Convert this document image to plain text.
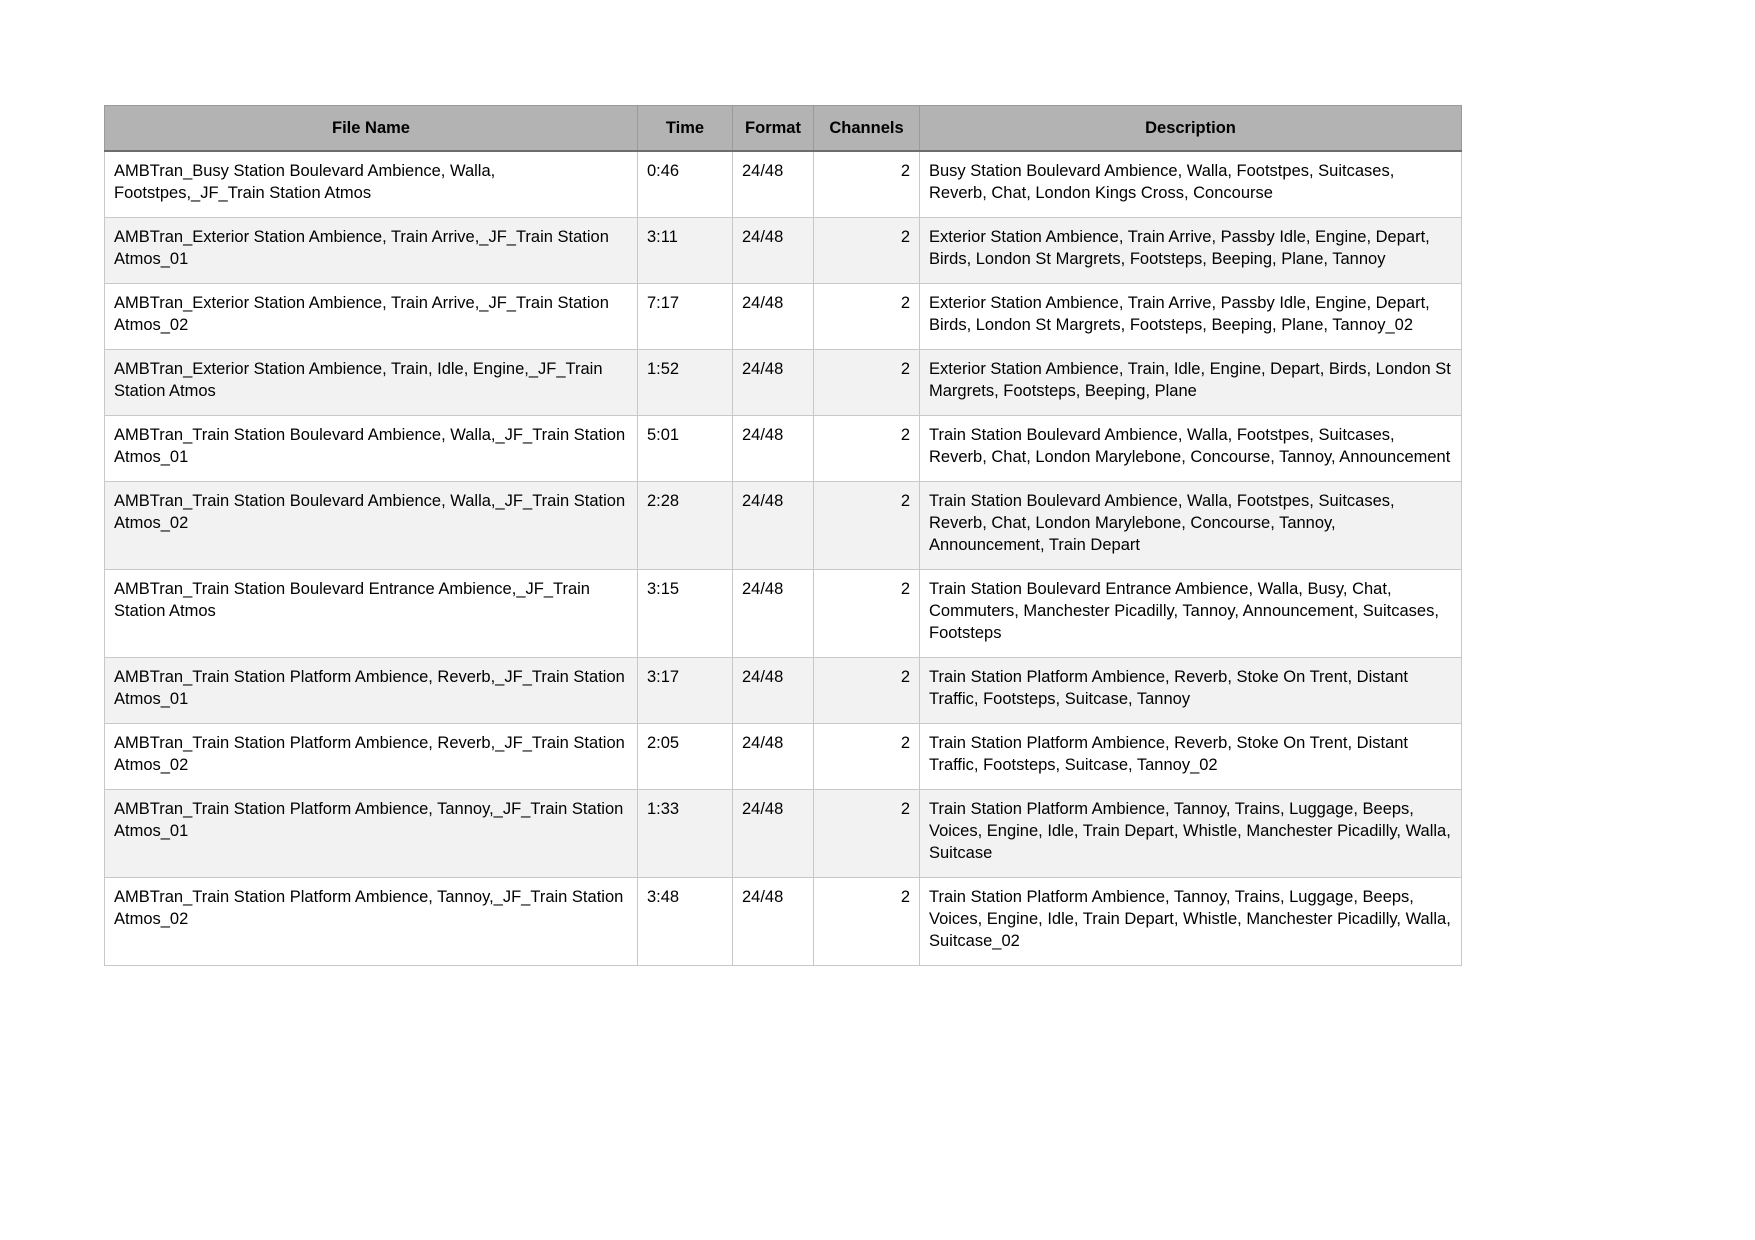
File Name	Time	Format	Channels	Description
AMBTran_Busy Station Boulevard Ambience, Walla, Footstpes,_JF_Train Station Atmos	0:46	24/48	2	Busy Station Boulevard Ambience, Walla, Footstpes, Suitcases, Reverb, Chat, London Kings Cross, Concourse
AMBTran_Exterior Station Ambience, Train Arrive,_JF_Train Station Atmos_01	3:11	24/48	2	Exterior Station Ambience, Train Arrive, Passby Idle, Engine, Depart, Birds, London St Margrets, Footsteps, Beeping, Plane, Tannoy
AMBTran_Exterior Station Ambience, Train Arrive,_JF_Train Station Atmos_02	7:17	24/48	2	Exterior Station Ambience, Train Arrive, Passby Idle, Engine, Depart, Birds, London St Margrets, Footsteps, Beeping, Plane, Tannoy_02
AMBTran_Exterior Station Ambience, Train, Idle, Engine,_JF_Train Station Atmos	1:52	24/48	2	Exterior Station Ambience, Train, Idle, Engine, Depart, Birds, London St Margrets, Footsteps, Beeping, Plane
AMBTran_Train Station Boulevard Ambience, Walla,_JF_Train Station Atmos_01	5:01	24/48	2	Train Station Boulevard Ambience, Walla, Footstpes, Suitcases, Reverb, Chat, London Marylebone, Concourse, Tannoy, Announcement
AMBTran_Train Station Boulevard Ambience, Walla,_JF_Train Station Atmos_02	2:28	24/48	2	Train Station Boulevard Ambience, Walla, Footstpes, Suitcases, Reverb, Chat, London Marylebone, Concourse, Tannoy, Announcement, Train Depart
AMBTran_Train Station Boulevard Entrance Ambience,_JF_Train Station Atmos	3:15	24/48	2	Train Station Boulevard Entrance Ambience, Walla, Busy, Chat, Commuters, Manchester Picadilly, Tannoy, Announcement, Suitcases, Footsteps
AMBTran_Train Station Platform Ambience, Reverb,_JF_Train Station Atmos_01	3:17	24/48	2	Train Station Platform Ambience, Reverb, Stoke On Trent, Distant Traffic, Footsteps, Suitcase, Tannoy
AMBTran_Train Station Platform Ambience, Reverb,_JF_Train Station Atmos_02	2:05	24/48	2	Train Station Platform Ambience, Reverb, Stoke On Trent, Distant Traffic, Footsteps, Suitcase, Tannoy_02
AMBTran_Train Station Platform Ambience, Tannoy,_JF_Train Station Atmos_01	1:33	24/48	2	Train Station Platform Ambience, Tannoy, Trains, Luggage, Beeps, Voices, Engine, Idle, Train Depart, Whistle, Manchester Picadilly, Walla, Suitcase
AMBTran_Train Station Platform Ambience, Tannoy,_JF_Train Station Atmos_02	3:48	24/48	2	Train Station Platform Ambience, Tannoy, Trains, Luggage, Beeps, Voices, Engine, Idle, Train Depart, Whistle, Manchester Picadilly, Walla, Suitcase_02
